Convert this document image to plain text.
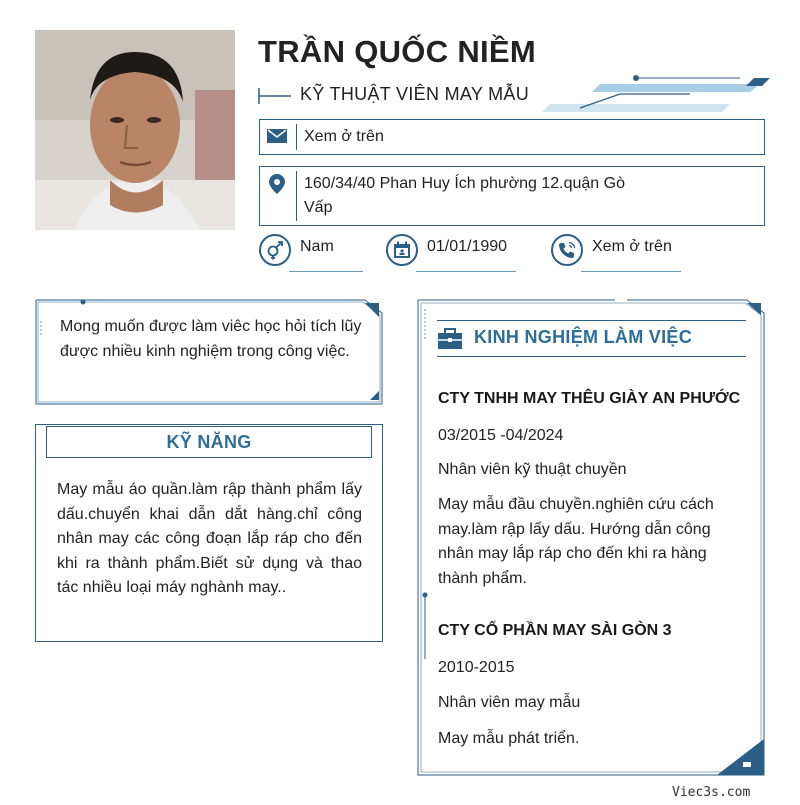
TRẦN QUỐC NIỀM
KỸ THUẬT VIÊN MAY MẪU
Xem ở trên
160/34/40 Phan Huy Ích phường 12.quận Gò Vấp
Nam	01/01/1990	Xem ở trên
Mong muốn được làm viêc học hỏi tích lũy được nhiều kinh nghiệm trong công việc.
KỸ NĂNG
May mẫu áo quần.làm rập thành phẩm lấy dấu.chuyển khai dẫn dắt hàng.chỉ công nhân may các công đoạn lắp ráp cho đến khi ra thành phẩm.Biết sử dụng và thao tác nhiều loại máy nghành may..
KINH NGHIỆM LÀM VIỆC
CTY TNHH MAY THÊU GIÀY AN PHƯỚC
03/2015 -04/2024
Nhân viên kỹ thuật chuyền
May mẫu đầu chuyền.nghiên cứu cách may.làm rập lấy dấu. Hướng dẫn công nhân may lắp ráp cho đến khi ra hàng thành phẩm.
CTY CỔ PHẦN MAY SÀI GÒN 3
2010-2015
Nhân viên may mẫu
May mẫu phát triển.
Viec3s.com
